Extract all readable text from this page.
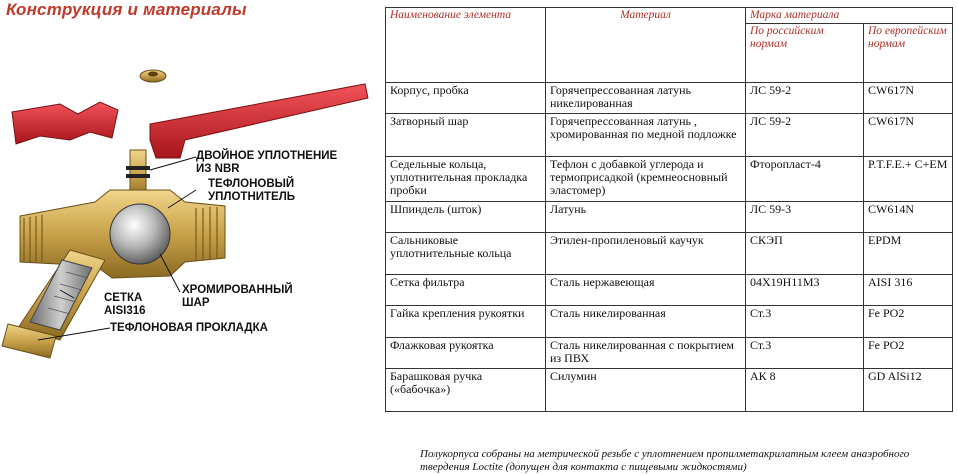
Конструкция и материалы
ДВОЙНОЕ УПЛОТНЕНИЕ
ИЗ NBR
ТЕФЛОНОВЫЙ
УПЛОТНИТЕЛЬ
ХРОМИРОВАННЫЙ
ШАР
СЕТКА
AISI316
ТЕФЛОНОВАЯ ПРОКЛАДКА
Наименование элемента	Материал	Марка материала	
		По российским нормам	По европейским нормам
Корпус, пробка	Горячепрессованная латунь никелированная	ЛС 59-2	CW617N
Затворный шар	Горячепрессованная латунь , хромированная по медной подложке	ЛС 59-2	CW617N
Седельные кольца, уплотнительная прокладка пробки	Тефлон с добавкой углерода и термоприсадкой (кремнеосновный эластомер)	Фторопласт-4	P.T.F.E.+ C+EM
Шпиндель (шток)	Латунь	ЛС 59-3	CW614N
Сальниковые уплотнительные кольца	Этилен-пропиленовый каучук	СКЭП	EPDM
Сетка фильтра	Сталь нержавеющая	04Х19Н11М3	AISI 316
Гайка крепления рукоятки	Сталь никелированная	Ст.3	Fe PO2
Флажковая рукоятка	Сталь никелированная с покрытием из ПВХ	Ст.3	Fe PO2
Барашковая ручка («бабочка»)	Силумин	АК 8	GD AlSi12
Полукорпуса собраны на метрической резьбе с уплотнением пропилметакрилатным клеем анаэробного твердения Loctite (допущен для контакта с пищевыми жидкостями)
